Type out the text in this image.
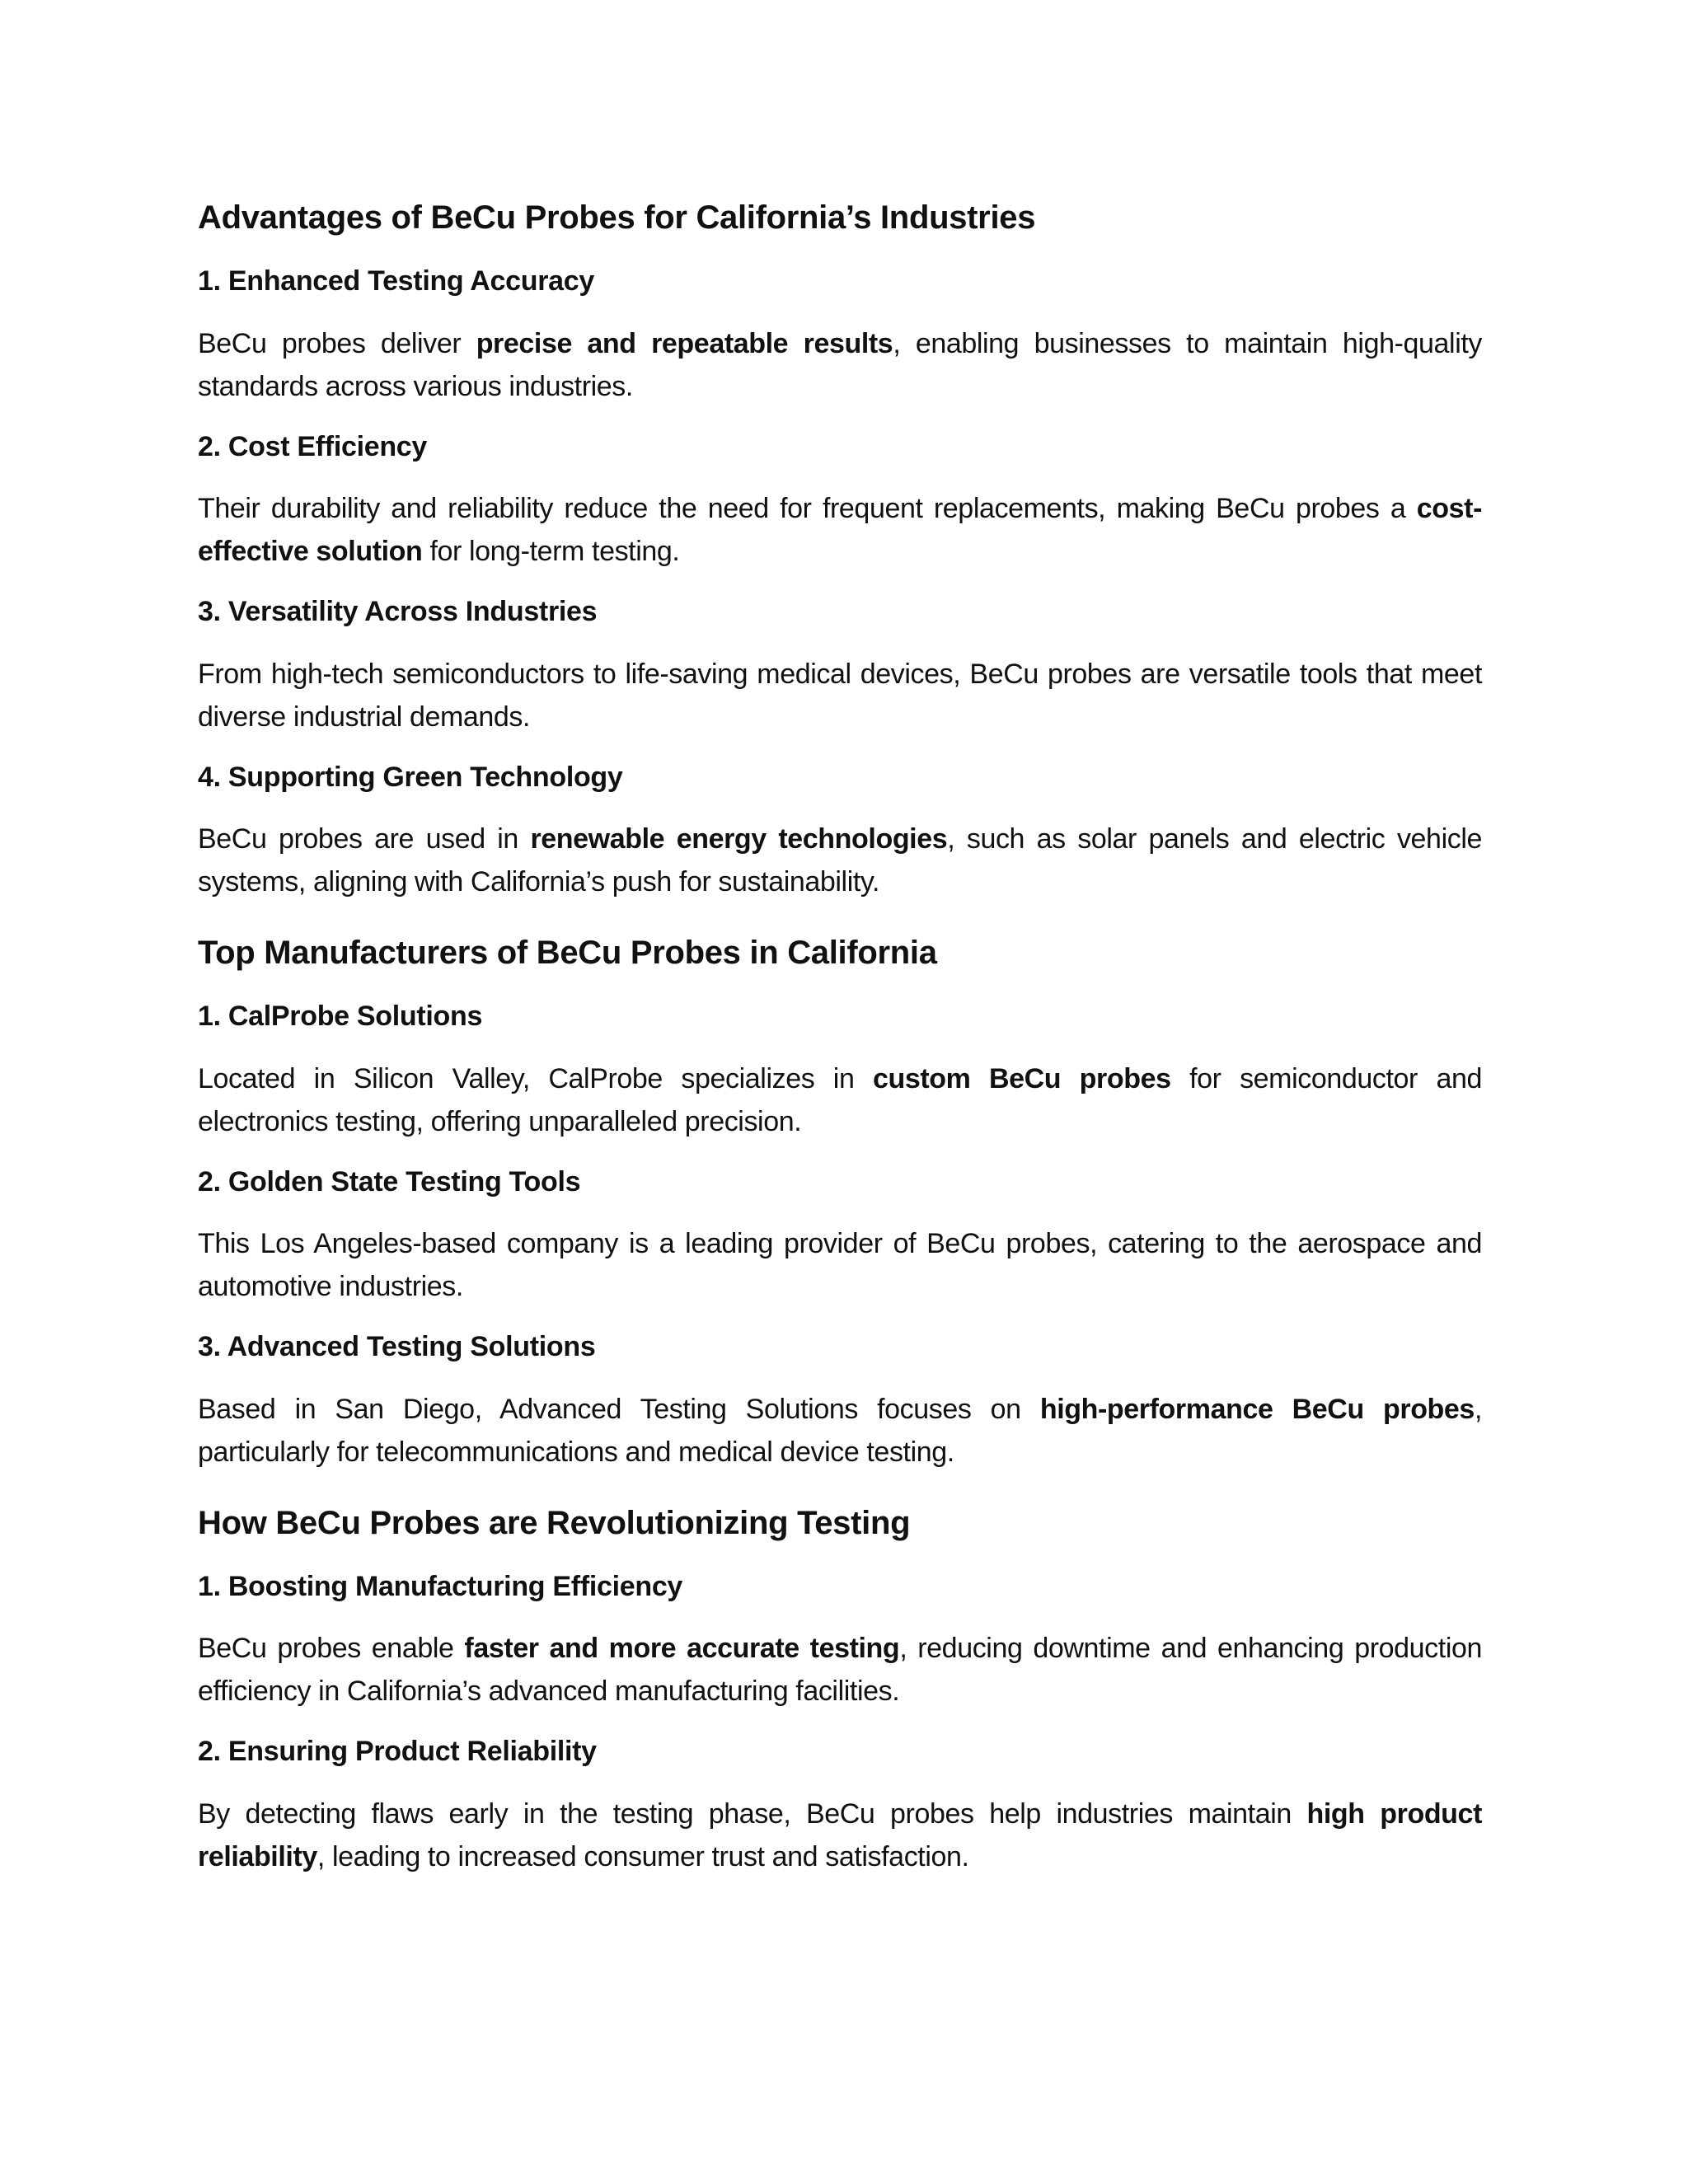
Advantages of BeCu Probes for California’s Industries
1. Enhanced Testing Accuracy

BeCu probes deliver precise and repeatable results, enabling businesses to maintain high-quality standards across various industries.

2. Cost Efficiency

Their durability and reliability reduce the need for frequent replacements, making BeCu probes a cost-effective solution for long-term testing.

3. Versatility Across Industries

From high-tech semiconductors to life-saving medical devices, BeCu probes are versatile tools that meet diverse industrial demands.

4. Supporting Green Technology

BeCu probes are used in renewable energy technologies, such as solar panels and electric vehicle systems, aligning with California’s push for sustainability.

Top Manufacturers of BeCu Probes in California
1. CalProbe Solutions

Located in Silicon Valley, CalProbe specializes in custom BeCu probes for semiconductor and electronics testing, offering unparalleled precision.

2. Golden State Testing Tools

This Los Angeles-based company is a leading provider of BeCu probes, catering to the aerospace and automotive industries.

3. Advanced Testing Solutions

Based in San Diego, Advanced Testing Solutions focuses on high-performance BeCu probes, particularly for telecommunications and medical device testing.

How BeCu Probes are Revolutionizing Testing
1. Boosting Manufacturing Efficiency

BeCu probes enable faster and more accurate testing, reducing downtime and enhancing production efficiency in California’s advanced manufacturing facilities.

2. Ensuring Product Reliability

By detecting flaws early in the testing phase, BeCu probes help industries maintain high product reliability, leading to increased consumer trust and satisfaction.
